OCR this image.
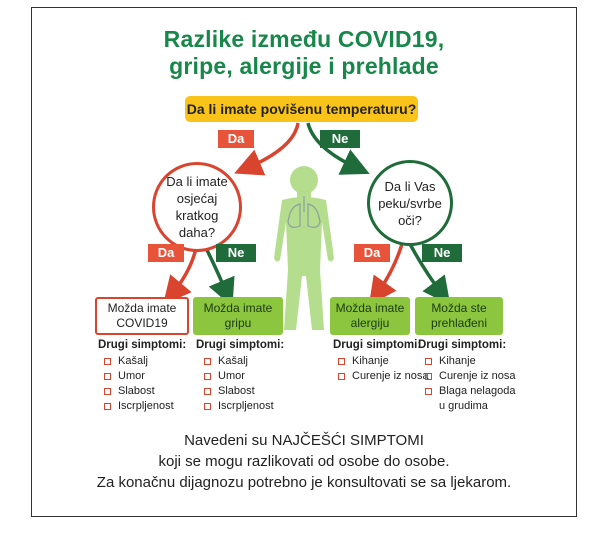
Razlike između COVID19,
gripe, alergije i prehlade
Da li imate povišenu temperaturu?
Da	Ne
Da li imate
osjećaj
kratkog
daha?
Da li Vas
peku/svrbe
oči?
Da	Ne	Da	Ne
Možda imate
COVID19
Možda imate
gripu
Možda imate
alergiju
Možda ste
prehlađeni
Drugi simptomi: Drugi simptomi:	Drugi simptomi:
Drugi simptomi:
Kašalj
Umor
Slabost
Iscrpljenost
Kašalj
Umor
Slabost
Iscrpljenost
Kihanje
Curenje iz nosa
Kihanje
Curenje iz nosa
Blaga nelagoda
u grudima
Navedeni su NAJČEŠĆI SIMPTOMI
koji se mogu razlikovati od osobe do osobe.
Za konačnu dijagnozu potrebno je konsultovati se sa ljekarom.
